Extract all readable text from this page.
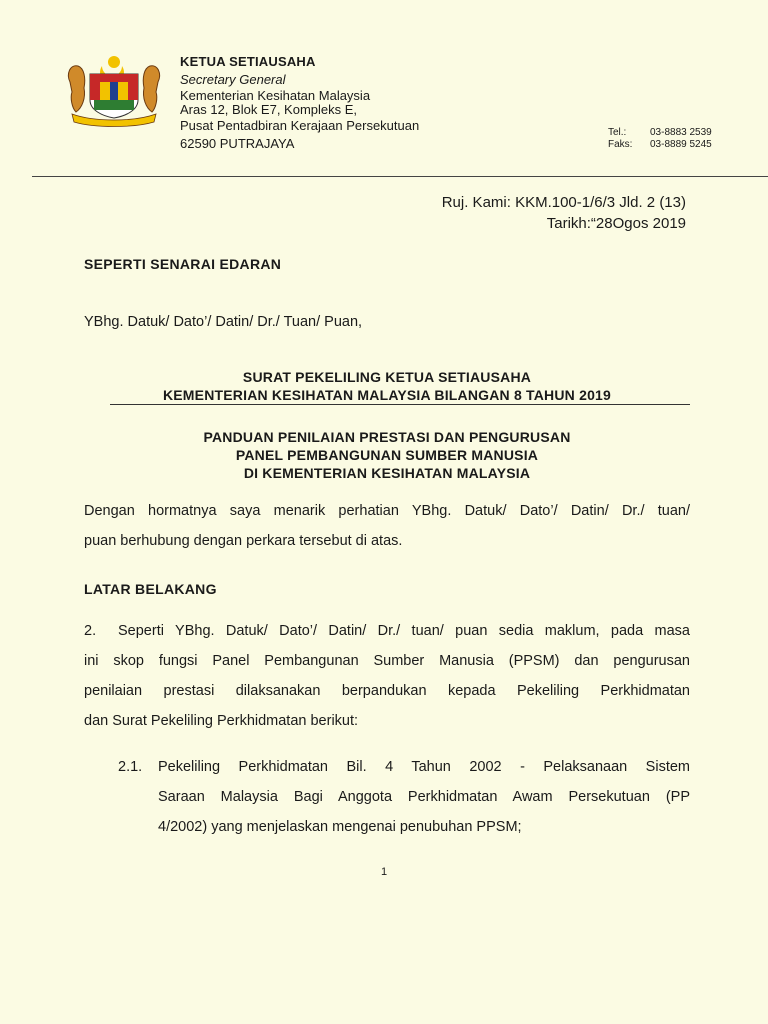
KETUA SETIAUSAHA
Secretary General
Kementerian Kesihatan Malaysia
Aras 12, Blok E7, Kompleks E,
Pusat Pentadbiran Kerajaan Persekutuan
62590 PUTRAJAYA
Tel.: 03-8883 2539
Faks: 03-8889 5245
Ruj. Kami: KKM.100-1/6/3 Jld. 2 (13)
Tarikh:“28Ogos 2019
SEPERTI SENARAI EDARAN
YBhg. Datuk/ Dato’/ Datin/ Dr./ Tuan/ Puan,
SURAT PEKELILING KETUA SETIAUSAHA
KEMENTERIAN KESIHATAN MALAYSIA BILANGAN 8 TAHUN 2019
PANDUAN PENILAIAN PRESTASI DAN PENGURUSAN
PANEL PEMBANGUNAN SUMBER MANUSIA
DI KEMENTERIAN KESIHATAN MALAYSIA
Dengan hormatnya saya menarik perhatian YBhg. Datuk/ Dato’/ Datin/ Dr./ tuan/
puan berhubung dengan perkara tersebut di atas.
LATAR BELAKANG
2. Seperti YBhg. Datuk/ Dato’/ Datin/ Dr./ tuan/ puan sedia maklum, pada masa
ini skop fungsi Panel Pembangunan Sumber Manusia (PPSM) dan pengurusan
penilaian prestasi dilaksanakan berpandukan kepada Pekeliling Perkhidmatan
dan Surat Pekeliling Perkhidmatan berikut:
2.1. Pekeliling Perkhidmatan Bil. 4 Tahun 2002 - Pelaksanaan Sistem
Saraan Malaysia Bagi Anggota Perkhidmatan Awam Persekutuan (PP
4/2002) yang menjelaskan mengenai penubuhan PPSM;
1
